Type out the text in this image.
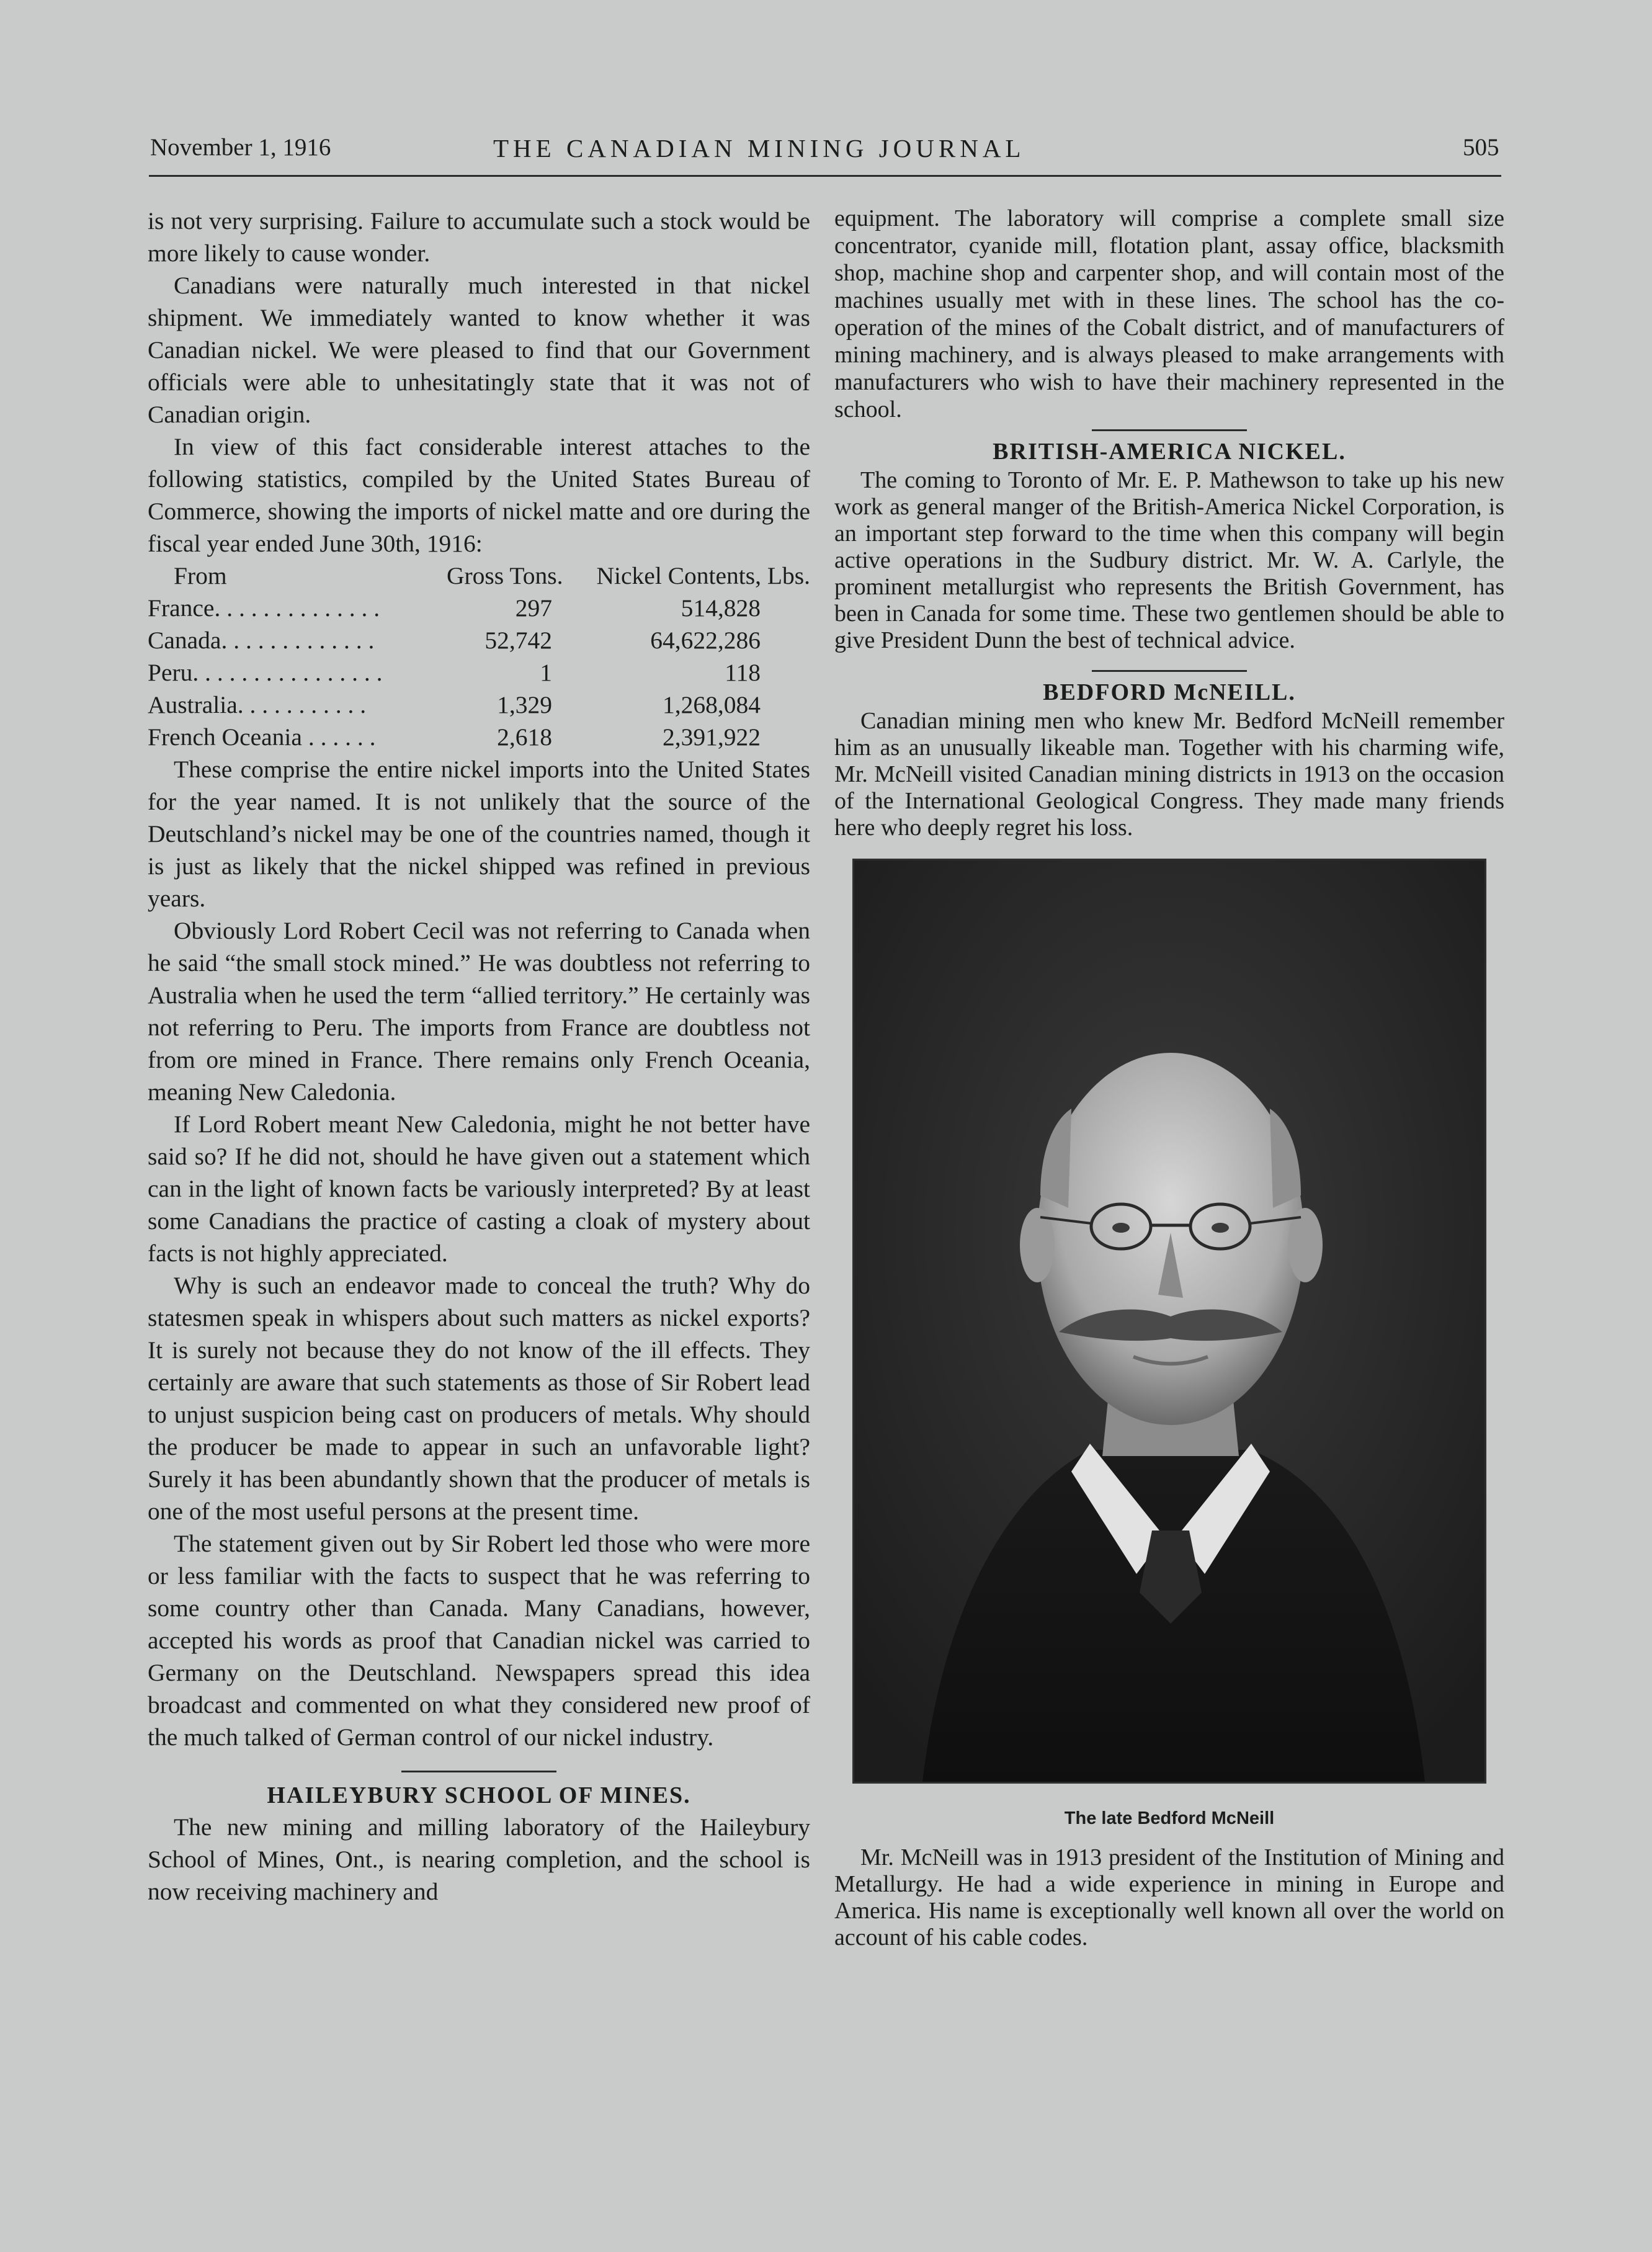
November 1, 1916	THE CANADIAN MINING JOURNAL	505

is not very surprising. Failure to accumulate such a stock would be more likely to cause wonder.

Canadians were naturally much interested in that nickel shipment. We immediately wanted to know whether it was Canadian nickel. We were pleased to find that our Government officials were able to unhesitatingly state that it was not of Canadian origin.

In view of this fact considerable interest attaches to the following statistics, compiled by the United States Bureau of Commerce, showing the imports of nickel matte and ore during the fiscal year ended June 30th, 1916:

From	Gross Tons.	Nickel Contents, Lbs.
France. . . . . . . . . . . . . .	297	514,828
Canada. . . . . . . . . . . . .	52,742	64,622,286
Peru. . . . . . . . . . . . . . . .	1	118
Australia. . . . . . . . . . .	1,329	1,268,084
French Oceania . . . . . .	2,618	2,391,922

These comprise the entire nickel imports into the United States for the year named. It is not unlikely that the source of the Deutschland’s nickel may be one of the countries named, though it is just as likely that the nickel shipped was refined in previous years.

Obviously Lord Robert Cecil was not referring to Canada when he said “the small stock mined.” He was doubtless not referring to Australia when he used the term “allied territory.” He certainly was not referring to Peru. The imports from France are doubtless not from ore mined in France. There remains only French Oceania, meaning New Caledonia.

If Lord Robert meant New Caledonia, might he not better have said so? If he did not, should he have given out a statement which can in the light of known facts be variously interpreted? By at least some Canadians the practice of casting a cloak of mystery about facts is not highly appreciated.

Why is such an endeavor made to conceal the truth? Why do statesmen speak in whispers about such matters as nickel exports? It is surely not because they do not know of the ill effects. They certainly are aware that such statements as those of Sir Robert lead to unjust suspicion being cast on producers of metals. Why should the producer be made to appear in such an unfavorable light? Surely it has been abundantly shown that the producer of metals is one of the most useful persons at the present time.

The statement given out by Sir Robert led those who were more or less familiar with the facts to suspect that he was referring to some country other than Canada. Many Canadians, however, accepted his words as proof that Canadian nickel was carried to Germany on the Deutschland. Newspapers spread this idea broadcast and commented on what they considered new proof of the much talked of German control of our nickel industry.

HAILEYBURY SCHOOL OF MINES.

The new mining and milling laboratory of the Haileybury School of Mines, Ont., is nearing completion, and the school is now receiving machinery and

equipment. The laboratory will comprise a complete small size concentrator, cyanide mill, flotation plant, assay office, blacksmith shop, machine shop and carpenter shop, and will contain most of the machines usually met with in these lines. The school has the co-operation of the mines of the Cobalt district, and of manufacturers of mining machinery, and is always pleased to make arrangements with manufacturers who wish to have their machinery represented in the school.

BRITISH-AMERICA NICKEL.

The coming to Toronto of Mr. E. P. Mathewson to take up his new work as general manger of the British-America Nickel Corporation, is an important step forward to the time when this company will begin active operations in the Sudbury district. Mr. W. A. Carlyle, the prominent metallurgist who represents the British Government, has been in Canada for some time. These two gentlemen should be able to give President Dunn the best of technical advice.

BEDFORD McNEILL.

Canadian mining men who knew Mr. Bedford McNeill remember him as an unusually likeable man. Together with his charming wife, Mr. McNeill visited Canadian mining districts in 1913 on the occasion of the International Geological Congress. They made many friends here who deeply regret his loss.

The late Bedford McNeill

Mr. McNeill was in 1913 president of the Institution of Mining and Metallurgy. He had a wide experience in mining in Europe and America. His name is exceptionally well known all over the world on account of his cable codes.
